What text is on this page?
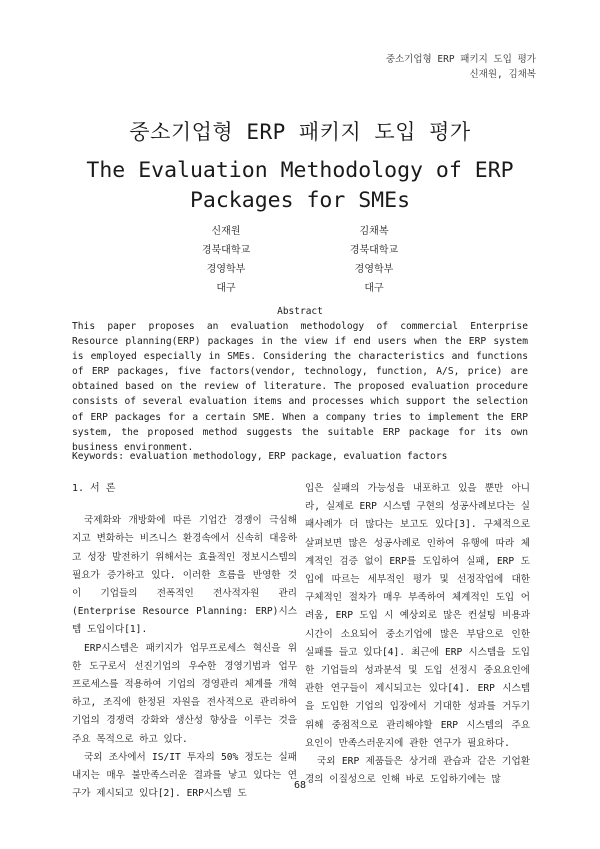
중소기업형 ERP 패키지 도입 평가
신재원, 김채복
중소기업형 ERP 패키지 도입 평가
The Evaluation Methodology of ERP Packages for SMEs
신재원
경북대학교
경영학부
대구
김채복
경북대학교
경영학부
대구
Abstract
This paper proposes an evaluation methodology of commercial Enterprise Resource planning(ERP) packages in the view if end users when the ERP system is employed especially in SMEs. Considering the characteristics and functions of ERP packages, five factors(vendor, technology, function, A/S, price) are obtained based on the review of literature. The proposed evaluation procedure consists of several evaluation items and processes which support the selection of ERP packages for a certain SME. When a company tries to implement the ERP system, the proposed method suggests the suitable ERP package for its own business environment.
Keywords: evaluation methodology, ERP package, evaluation factors
1. 서 론

국제화와 개방화에 따른 기업간 경쟁이 극심해 지고 변화하는 비즈니스 환경속에서 신속히 대응하고 성장 발전하기 위해서는 효율적인 정보시스템의 필요가 증가하고 있다. 이러한 흐름을 반영한 것이 기업들의 전폭적인 전사적자원 관리(Enterprise Resource Planning: ERP)시스템 도입이다[1].

ERP시스템은 패키지가 업무프로세스 혁신을 위한 도구로서 선진기업의 우수한 경영기법과 업무 프로세스를 적용하여 기업의 경영관리 체계를 개혁하고, 조직에 한정된 자원을 전사적으로 관리하여 기업의 경쟁력 강화와 생산성 향상을 이루는 것을 주요 목적으로 하고 있다.

국외 조사에서 IS/IT 투자의 50% 정도는 실패 내지는 매우 불만족스러운 결과를 낳고 있다는 연구가 제시되고 있다[2]. ERP시스템 도

입은 실패의 가능성을 내포하고 있을 뿐만 아니라, 실제로 ERP 시스템 구현의 성공사례보다는 실패사례가 더 많다는 보고도 있다[3]. 구체적으로 살펴보면 많은 성공사례로 인하여 유행에 따라 체계적인 검증 없이 ERP를 도입하여 실패, ERP 도입에 따르는 세부적인 평가 및 선정작업에 대한 구체적인 절차가 매우 부족하여 체계적인 도입 어려움, ERP 도입 시 예상외로 많은 컨설팅 비용과 시간이 소요되어 중소기업에 많은 부담으로 인한 실패를 들고 있다[4]. 최근에 ERP 시스템을 도입한 기업들의 성과분석 및 도입 선정시 중요요인에 관한 연구들이 제시되고는 있다[4]. ERP 시스템을 도입한 기업의 입장에서 기대한 성과를 거두기 위해 중점적으로 관리해야할 ERP 시스템의 주요 요인이 만족스러운지에 관한 연구가 필요하다.

국외 ERP 제품들은 상거래 관습과 같은 기업환경의 이질성으로 인해 바로 도입하기에는 많

68
